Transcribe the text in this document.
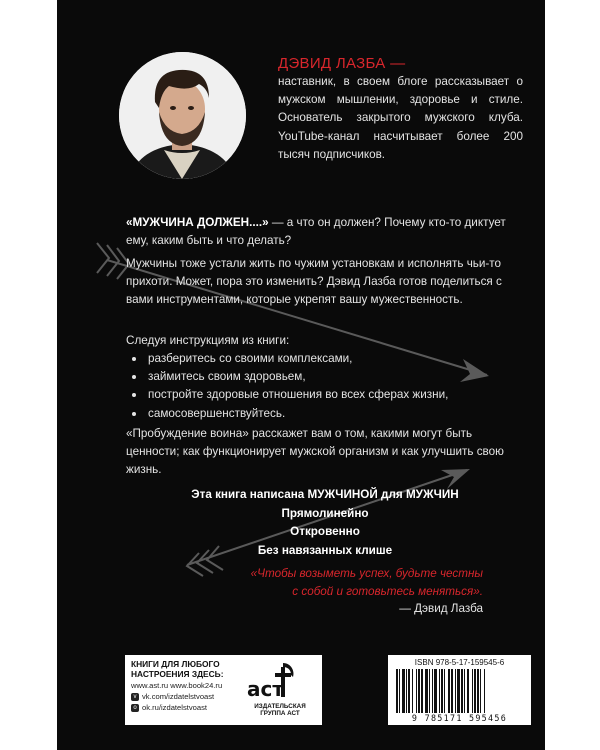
ДЭВИД ЛАЗБА —
наставник, в своем блоге рассказывает о мужском мышлении, здоровье и стиле. Основатель закрытого мужского клуба. YouTube-канал насчитывает более 200 тысяч подписчиков.
«МУЖЧИНА ДОЛЖЕН....» — а что он должен? Почему кто-то диктует ему, каким быть и что делать?
Мужчины тоже устали жить по чужим установкам и исполнять чьи-то прихоти. Может, пора это изменить? Дэвид Лазба готов поделиться с вами инструментами, которые укрепят вашу мужественность.
Следуя инструкциям из книги:
разберитесь со своими комплексами,
займитесь своим здоровьем,
постройте здоровые отношения во всех сферах жизни,
самосовершенствуйтесь.
«Пробуждение воина» расскажет вам о том, какими могут быть ценности; как функционирует мужской организм и как улучшить свою жизнь.
Эта книга написана МУЖЧИНОЙ для МУЖЧИН
Прямолинейно
Откровенно
Без навязанных клише
«Чтобы возыметь успех, будьте честны с собой и готовьтесь меняться».
— Дэвид Лазба
КНИГИ ДЛЯ ЛЮБОГО
НАСТРОЕНИЯ ЗДЕСЬ:
www.ast.ru www.book24.ru
v vk.com/izdatelstvoast
o ok.ru/izdatelstvoast
аст
ИЗДАТЕЛЬСКАЯ
ГРУППА АСТ
ISBN 978-5-17-159545-6
9 785171 595456
